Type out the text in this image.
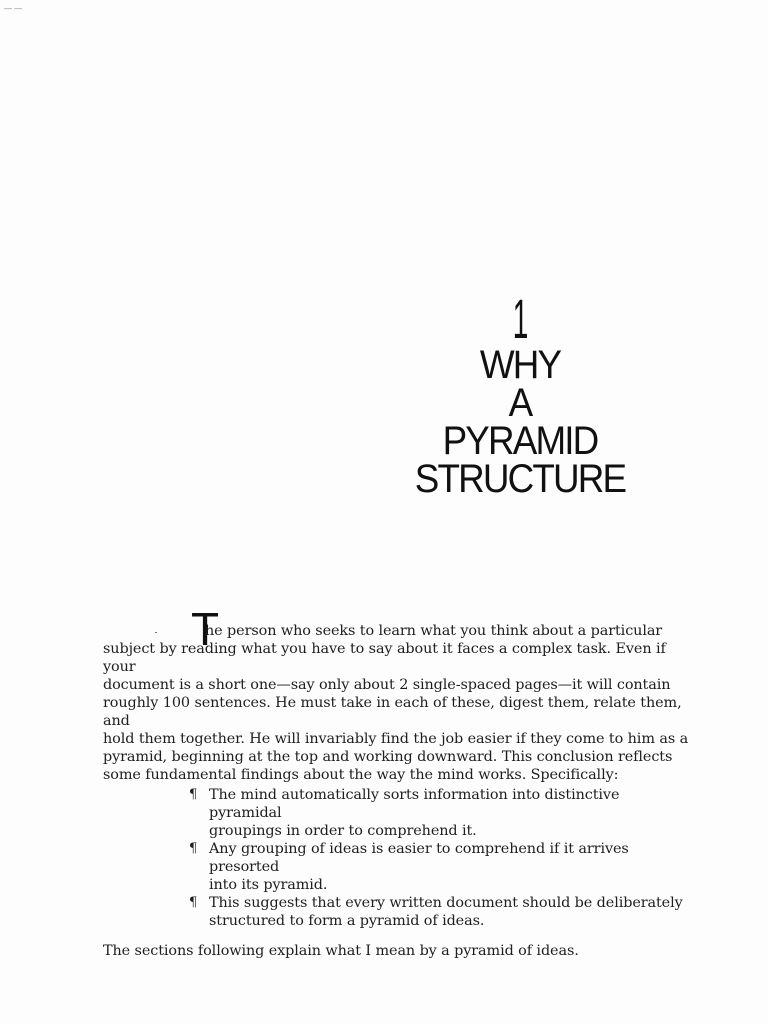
— —
1
WHY
A
PYRAMID
STRUCTURE

T
he person who seeks to learn what you think about a particular
subject by reading what you have to say about it faces a complex task. Even if your
document is a short one—say only about 2 single-spaced pages—it will contain
roughly 100 sentences. He must take in each of these, digest them, relate them, and
hold them together. He will invariably find the job easier if they come to him as a
pyramid, beginning at the top and working downward. This conclusion reflects
some fundamental findings about the way the mind works. Specifically:

¶ The mind automatically sorts information into distinctive pyramidal
groupings in order to comprehend it.
¶ Any grouping of ideas is easier to comprehend if it arrives presorted
into its pyramid.
¶ This suggests that every written document should be deliberately
structured to form a pyramid of ideas.

The sections following explain what I mean by a pyramid of ideas.
